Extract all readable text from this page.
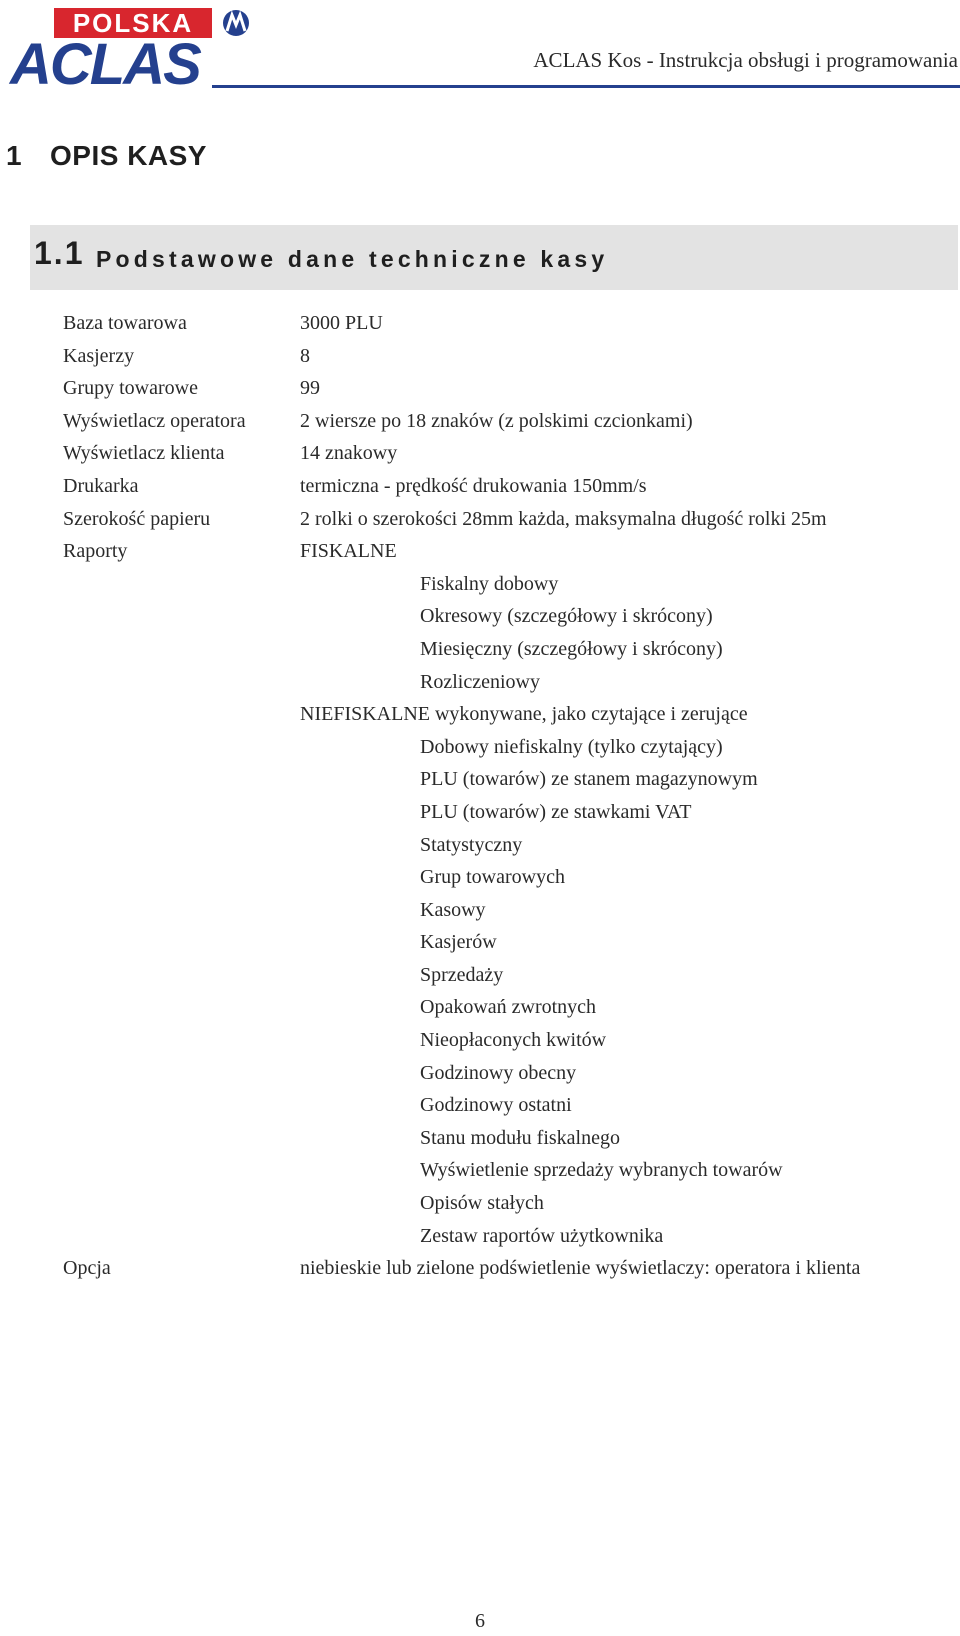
POLSKA
ACLAS	ACLAS Kos - Instrukcja obsługi i programowania
1 OPIS KASY
1.1 Podstawowe dane techniczne kasy
Baza towarowa	3000 PLU
Kasjerzy	8
Grupy towarowe	99
Wyświetlacz operatora	2 wiersze po 18 znaków (z polskimi czcionkami)
Wyświetlacz klienta	14 znakowy
Drukarka	termiczna - prędkość drukowania 150mm/s
Szerokość papieru	2 rolki o szerokości 28mm każda, maksymalna długość rolki 25m
Raporty	FISKALNE
Fiskalny dobowy
Okresowy (szczegółowy i skrócony)
Miesięczny (szczegółowy i skrócony)
Rozliczeniowy
NIEFISKALNE wykonywane, jako czytające i zerujące
Dobowy niefiskalny (tylko czytający)
PLU (towarów) ze stanem magazynowym
PLU (towarów) ze stawkami VAT
Statystyczny
Grup towarowych
Kasowy
Kasjerów
Sprzedaży
Opakowań zwrotnych
Nieopłaconych kwitów
Godzinowy obecny
Godzinowy ostatni
Stanu modułu fiskalnego
Wyświetlenie sprzedaży wybranych towarów
Opisów stałych
Zestaw raportów użytkownika
Opcja	niebieskie lub zielone podświetlenie wyświetlaczy: operatora i klienta
6
